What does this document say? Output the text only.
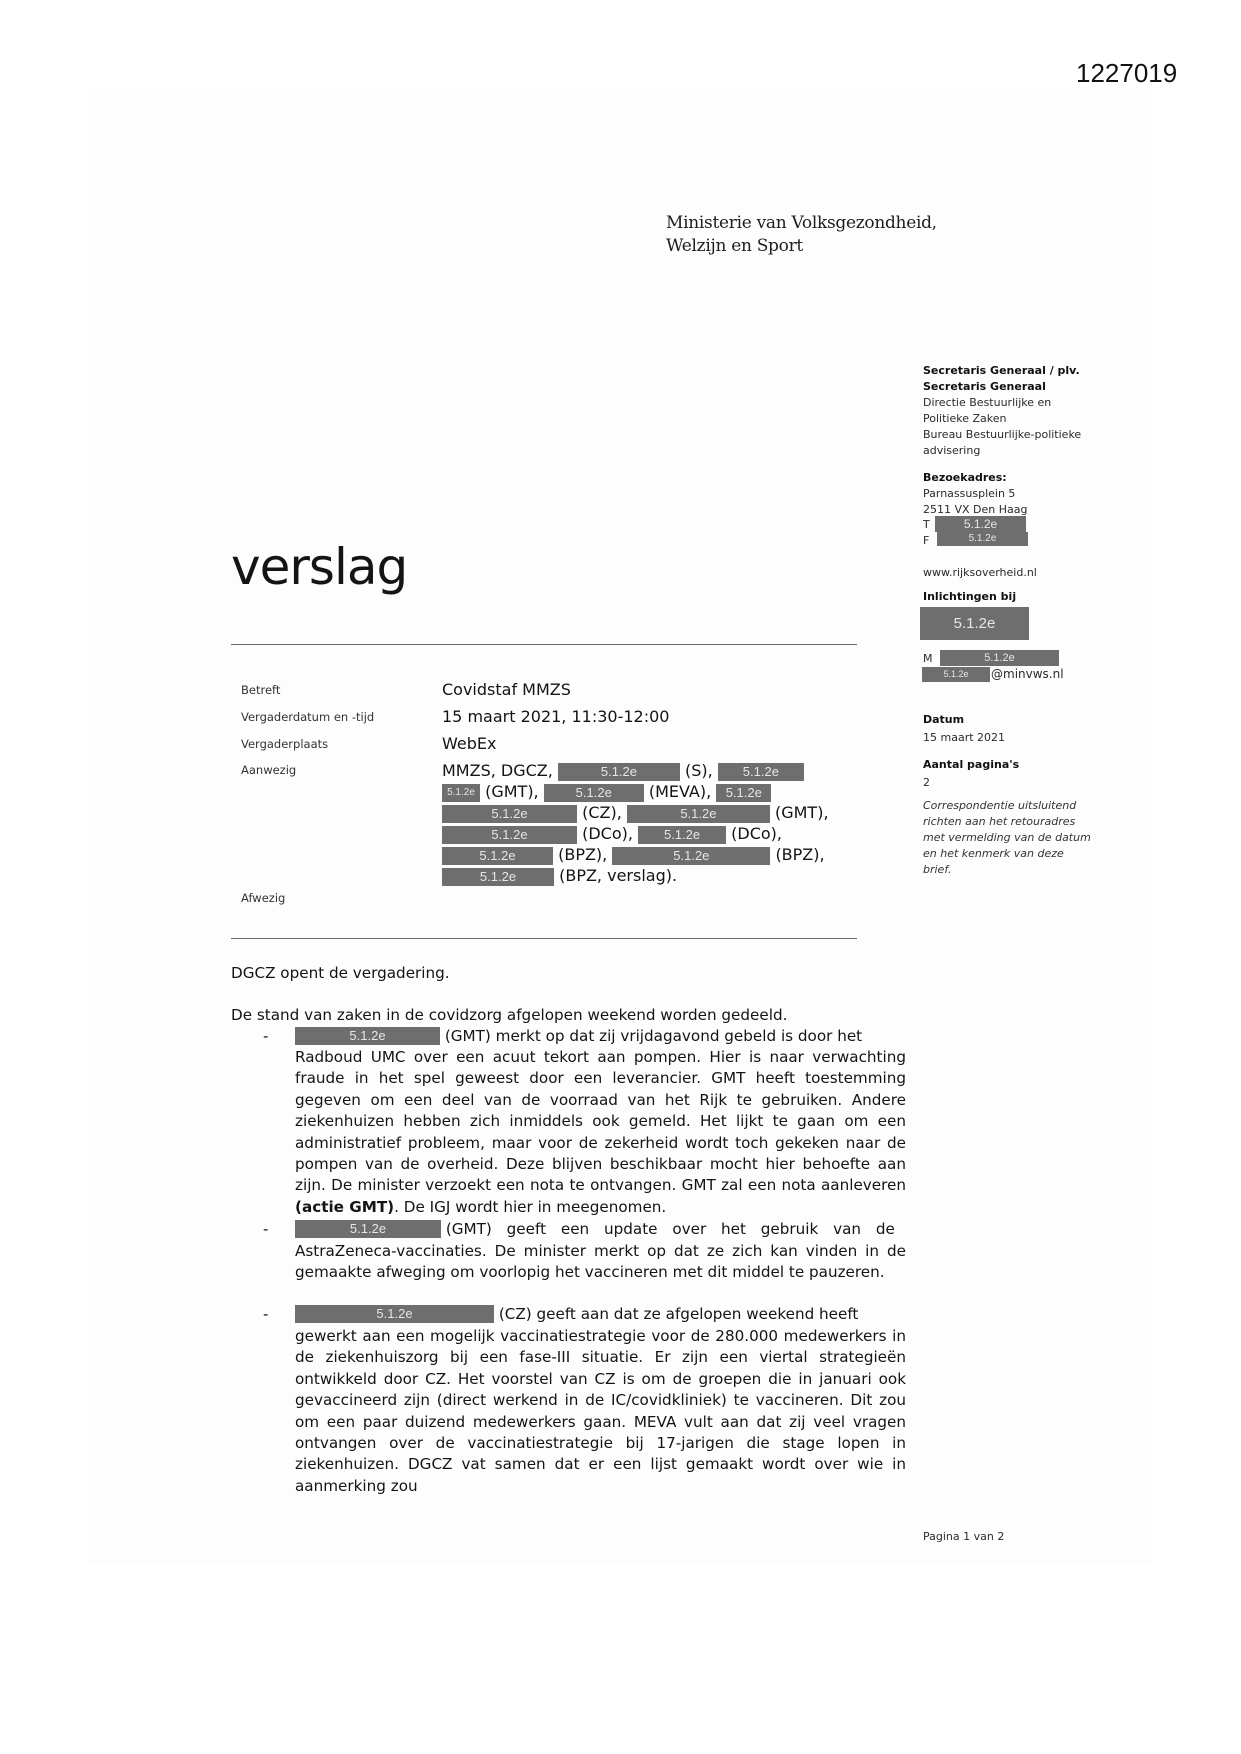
1227019
Ministerie van Volksgezondheid,
Welzijn en Sport
verslag
Secretaris Generaal / plv.
Secretaris Generaal
Directie Bestuurlijke en
Politieke Zaken
Bureau Bestuurlijke-politieke
advisering
Bezoekadres:
Parnassusplein 5
2511 VX Den Haag
T	5.1.2e
F	5.1.2e
www.rijksoverheid.nl
Inlichtingen bij
5.1.2e
M	5.1.2e
5.1.2e	@minvws.nl
Datum
15 maart 2021
Aantal pagina's
2
Correspondentie uitsluitend
richten aan het retouradres
met vermelding van de datum
en het kenmerk van deze
brief.
Betreft	Covidstaf MMZS
Vergaderdatum en -tijd	15 maart 2021, 11:30-12:00
Vergaderplaats	WebEx
Aanwezig	MMZS, DGCZ,	5.1.2e	(S), 5.1.2e
5.1.2e (GMT),	5.1.2e (MEVA), 5.1.2e
5.1.2e	(CZ),	5.1.2e	(GMT),
5.1.2e	(DCo), 5.1.2e (DCo),
5.1.2e	(BPZ),	5.1.2e	(BPZ),
5.1.2e	(BPZ, verslag).
Afwezig
DGCZ opent de vergadering.
De stand van zaken in de covidzorg afgelopen weekend worden gedeeld.
-	5.1.2e	(GMT) merkt op dat zij vrijdagavond gebeld is door het
Radboud UMC over een acuut tekort aan pompen. Hier is naar verwachting fraude in het spel geweest door een leverancier. GMT heeft toestemming gegeven om een deel van de voorraad van het Rijk te gebruiken. Andere ziekenhuizen hebben zich inmiddels ook gemeld. Het lijkt te gaan om een administratief probleem, maar voor de zekerheid wordt toch gekeken naar de pompen van de overheid. Deze blijven beschikbaar mocht hier behoefte aan zijn. De minister verzoekt een nota te ontvangen. GMT zal een nota aanleveren (actie GMT). De IGJ wordt hier in meegenomen.
-	5.1.2e	(GMT) geeft een update over het gebruik van de
AstraZeneca-vaccinaties. De minister merkt op dat ze zich kan vinden in de gemaakte afweging om voorlopig het vaccineren met dit middel te pauzeren.
-	5.1.2e	(CZ) geeft aan dat ze afgelopen weekend heeft
gewerkt aan een mogelijk vaccinatiestrategie voor de 280.000 medewerkers in de ziekenhuiszorg bij een fase-III situatie. Er zijn een viertal strategieën ontwikkeld door CZ. Het voorstel van CZ is om de groepen die in januari ook gevaccineerd zijn (direct werkend in de IC/covidkliniek) te vaccineren. Dit zou om een paar duizend medewerkers gaan. MEVA vult aan dat zij veel vragen ontvangen over de vaccinatiestrategie bij 17-jarigen die stage lopen in ziekenhuizen. DGCZ vat samen dat er een lijst gemaakt wordt over wie in aanmerking zou
Pagina 1 van 2
